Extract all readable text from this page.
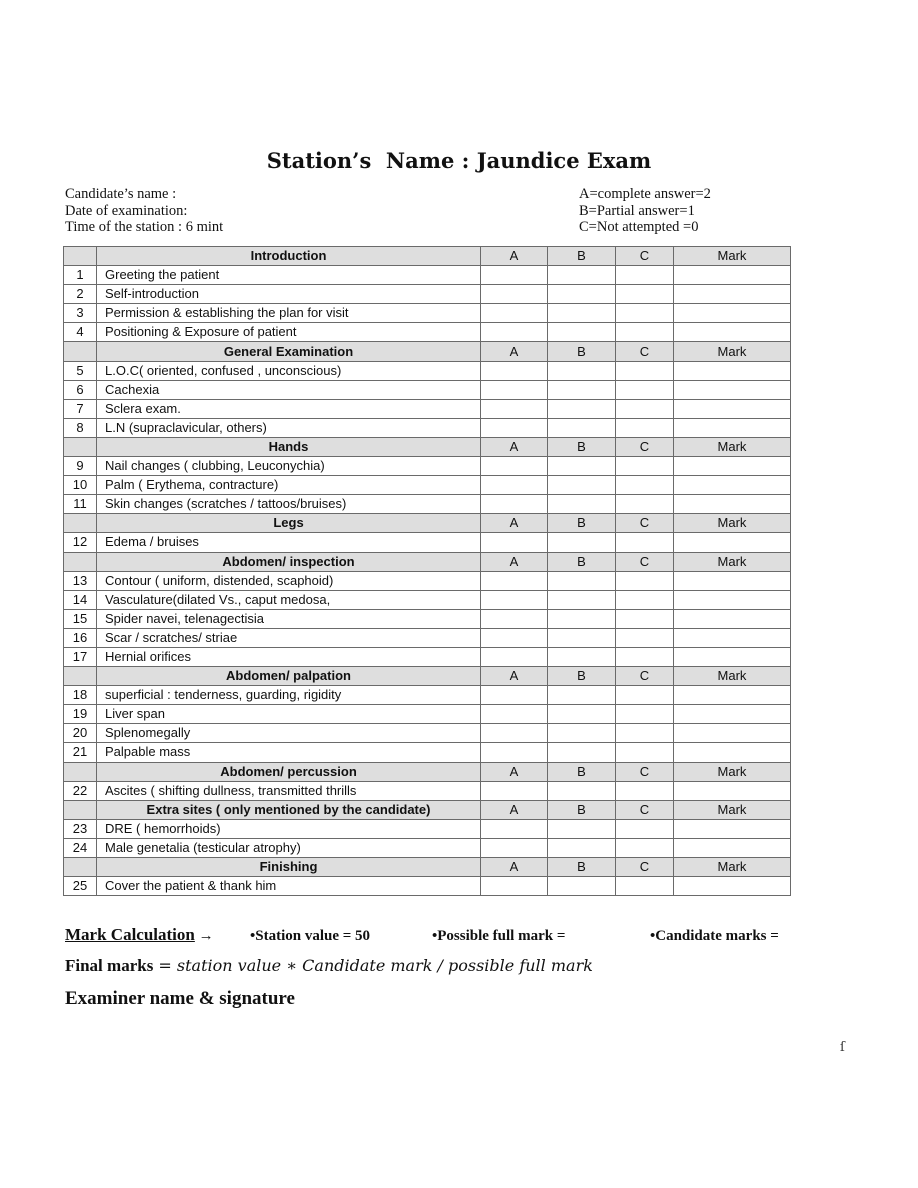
Station’s  Name : Jaundice Exam
Candidate’s name :
Date of examination:
Time of the station : 6 mint
A=complete answer=2
B=Partial answer=1
C=Not attempted =0
	Introduction	A	B	C	Mark
1	Greeting the patient				
2	Self-introduction				
3	Permission & establishing the plan for visit				
4	Positioning & Exposure of patient				
	General Examination	A	B	C	Mark
5	L.O.C( oriented, confused , unconscious)				
6	Cachexia				
7	Sclera exam.				
8	L.N (supraclavicular, others)				
	Hands	A	B	C	Mark
9	Nail changes ( clubbing, Leuconychia)				
10	Palm ( Erythema, contracture)				
11	Skin changes (scratches / tattoos/bruises)				
	Legs	A	B	C	Mark
12	Edema / bruises				
	Abdomen/ inspection	A	B	C	Mark
13	Contour ( uniform, distended, scaphoid)				
14	Vasculature(dilated Vs., caput medosa,				
15	Spider navei, telenagectisia				
16	Scar / scratches/ striae				
17	Hernial orifices				
	Abdomen/ palpation	A	B	C	Mark
18	superficial : tenderness, guarding, rigidity				
19	Liver span				
20	Splenomegally				
21	Palpable mass				
	Abdomen/ percussion	A	B	C	Mark
22	Ascites ( shifting dullness, transmitted thrills				
	Extra sites ( only mentioned by the candidate)	A	B	C	Mark
23	DRE ( hemorrhoids)				
24	Male genetalia (testicular atrophy)				
	Finishing	A	B	C	Mark
25	Cover the patient & thank him				
Mark Calculation → •Station value = 50	•Possible full mark =	•Candidate marks =
Final marks = station value ∗ Candidate mark / possible full mark
Examiner name & signature
ſ
